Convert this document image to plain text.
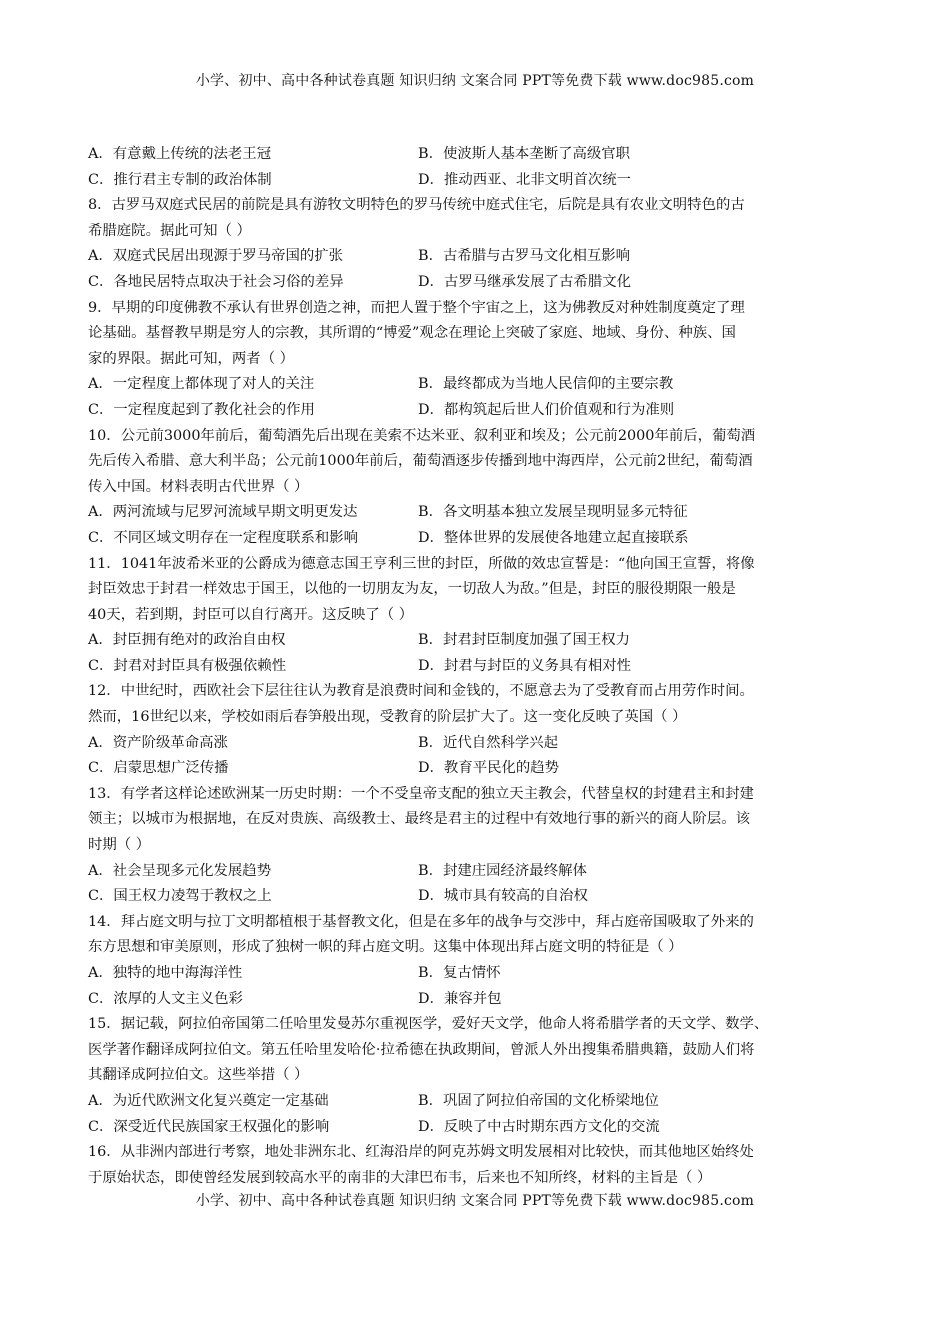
小学、初中、高中各种试卷真题 知识归纳 文案合同 PPT等免费下载 www.doc985.com
A．有意戴上传统的法老王冠	B．使波斯人基本垄断了高级官职
C．推行君主专制的政治体制	D．推动西亚、北非文明首次统一
8．古罗马双庭式民居的前院是具有游牧文明特色的罗马传统中庭式住宅，后院是具有农业文明特色的古
希腊庭院。据此可知（ ）
A．双庭式民居出现源于罗马帝国的扩张	B．古希腊与古罗马文化相互影响
C．各地民居特点取决于社会习俗的差异	D．古罗马继承发展了古希腊文化
9．早期的印度佛教不承认有世界创造之神，而把人置于整个宇宙之上，这为佛教反对种姓制度奠定了理
论基础。基督教早期是穷人的宗教，其所谓的“博爱”观念在理论上突破了家庭、地域、身份、种族、国
家的界限。据此可知，两者（ ）
A．一定程度上都体现了对人的关注	B．最终都成为当地人民信仰的主要宗教
C．一定程度起到了教化社会的作用	D．都构筑起后世人们价值观和行为准则
10．公元前3000年前后，葡萄酒先后出现在美索不达米亚、叙利亚和埃及；公元前2000年前后，葡萄酒
先后传入希腊、意大利半岛；公元前1000年前后，葡萄酒逐步传播到地中海西岸，公元前2世纪，葡萄酒
传入中国。材料表明古代世界（ ）
A．两河流域与尼罗河流域早期文明更发达	B．各文明基本独立发展呈现明显多元特征
C．不同区域文明存在一定程度联系和影响	D．整体世界的发展使各地建立起直接联系
11．1041年波希米亚的公爵成为德意志国王亨利三世的封臣，所做的效忠宣誓是：“他向国王宣誓，将像
封臣效忠于封君一样效忠于国王，以他的一切朋友为友，一切敌人为敌。”但是，封臣的服役期限一般是
40天，若到期，封臣可以自行离开。这反映了（ ）
A．封臣拥有绝对的政治自由权	B．封君封臣制度加强了国王权力
C．封君对封臣具有极强依赖性	D．封君与封臣的义务具有相对性
12．中世纪时，西欧社会下层往往认为教育是浪费时间和金钱的，不愿意去为了受教育而占用劳作时间。
然而，16世纪以来，学校如雨后春笋般出现，受教育的阶层扩大了。这一变化反映了英国（ ）
A．资产阶级革命高涨	B．近代自然科学兴起
C．启蒙思想广泛传播	D．教育平民化的趋势
13．有学者这样论述欧洲某一历史时期：一个不受皇帝支配的独立天主教会，代替皇权的封建君主和封建
领主；以城市为根据地，在反对贵族、高级教士、最终是君主的过程中有效地行事的新兴的商人阶层。该
时期（ ）
A．社会呈现多元化发展趋势	B．封建庄园经济最终解体
C．国王权力凌驾于教权之上	D．城市具有较高的自治权
14．拜占庭文明与拉丁文明都植根于基督教文化，但是在多年的战争与交涉中，拜占庭帝国吸取了外来的
东方思想和审美原则，形成了独树一帜的拜占庭文明。这集中体现出拜占庭文明的特征是（ ）
A．独特的地中海海洋性	B．复古情怀
C．浓厚的人文主义色彩	D．兼容并包
15．据记载，阿拉伯帝国第二任哈里发曼苏尔重视医学，爱好天文学，他命人将希腊学者的天文学、数学、
医学著作翻译成阿拉伯文。第五任哈里发哈伦·拉希德在执政期间，曾派人外出搜集希腊典籍，鼓励人们将
其翻译成阿拉伯文。这些举措（ ）
A．为近代欧洲文化复兴奠定一定基础	B．巩固了阿拉伯帝国的文化桥梁地位
C．深受近代民族国家王权强化的影响	D．反映了中古时期东西方文化的交流
16．从非洲内部进行考察，地处非洲东北、红海沿岸的阿克苏姆文明发展相对比较快，而其他地区始终处
于原始状态，即使曾经发展到较高水平的南非的大津巴布韦，后来也不知所终，材料的主旨是（ ）
小学、初中、高中各种试卷真题 知识归纳 文案合同 PPT等免费下载 www.doc985.com
